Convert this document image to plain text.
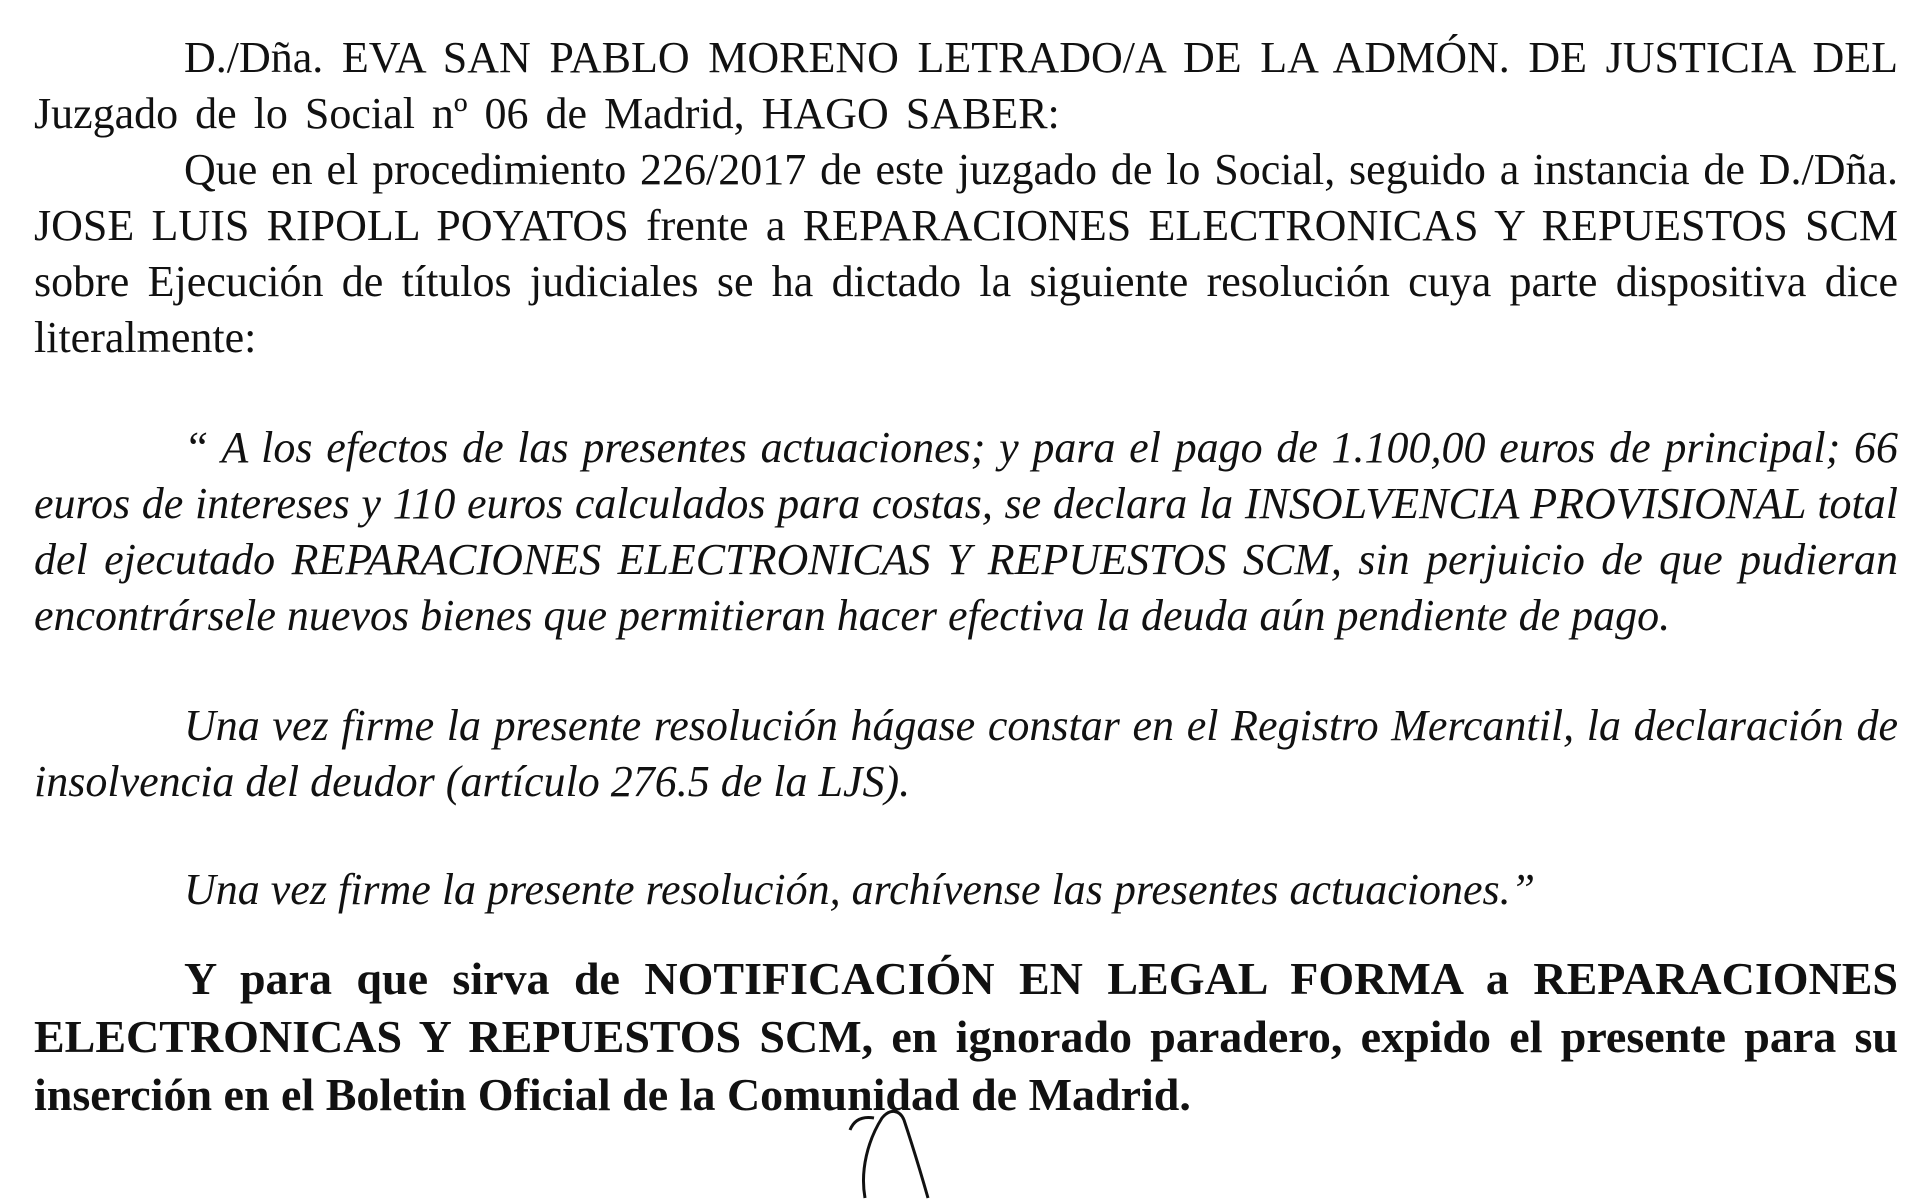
D./Dña. EVA SAN PABLO MORENO LETRADO/A DE LA ADMÓN. DE JUSTICIA DEL Juzgado de lo Social nº 06 de Madrid, HAGO SABER:

Que en el procedimiento 226/2017 de este juzgado de lo Social, seguido a instancia de D./Dña. JOSE LUIS RIPOLL POYATOS frente a REPARACIONES ELECTRONICAS Y REPUESTOS SCM sobre Ejecución de títulos judiciales se ha dictado la siguiente resolución cuya parte dispositiva dice literalmente:

“ A los efectos de las presentes actuaciones; y para el pago de 1.100,00 euros de principal; 66 euros de intereses y 110 euros calculados para costas, se declara la INSOLVENCIA PROVISIONAL total del ejecutado REPARACIONES ELECTRONICAS Y REPUESTOS SCM, sin perjuicio de que pudieran encontrársele nuevos bienes que permitieran hacer efectiva la deuda aún pendiente de pago.

Una vez firme la presente resolución hágase constar en el Registro Mercantil, la declaración de insolvencia del deudor (artículo 276.5 de la LJS).

Una vez firme la presente resolución, archívense las presentes actuaciones.”

Y para que sirva de NOTIFICACIÓN EN LEGAL FORMA a REPARACIONES ELECTRONICAS Y REPUESTOS SCM, en ignorado paradero, expido el presente para su inserción en el Boletin Oficial de la Comunidad de Madrid.
